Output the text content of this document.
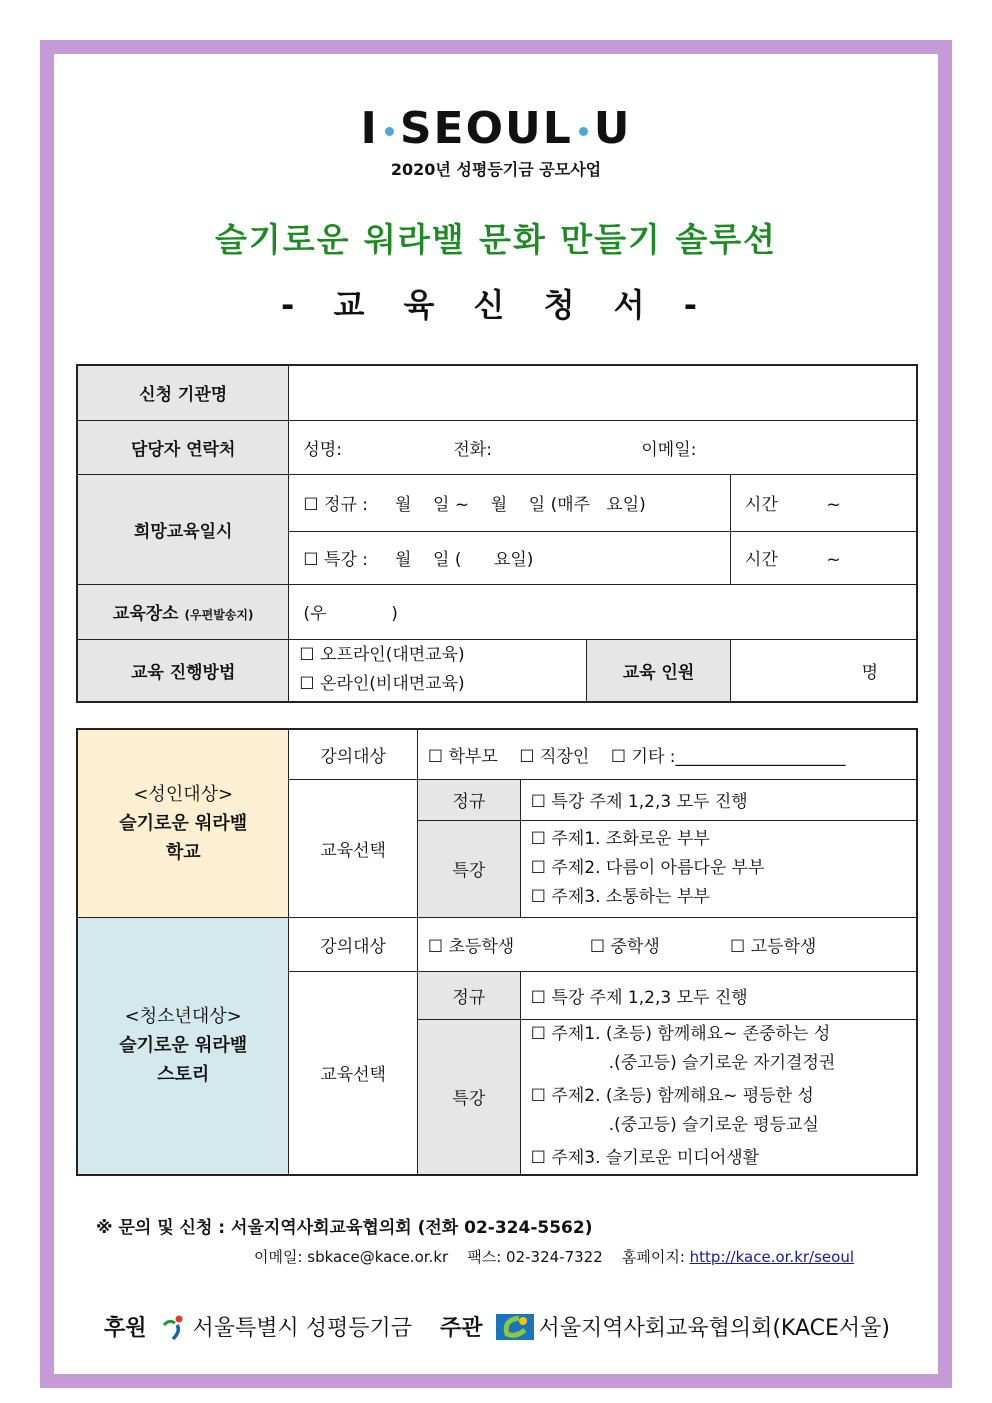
I SEOUL U
2020년 성평등기금 공모사업
슬기로운 워라밸 문화 만들기 솔루션
- 교 육 신 청 서 -
신청 기관명			
담당자 연락처	성명: 전화: 이메일:		
희망교육일시	☐ 정규 :     월    일 ~    월    일 (매주   요일)		시간         ~
	☐ 특강 :     월    일 (      요일)		시간         ~
교육장소 (우편발송지)	(우            )		
교육 진행방법	☐ 오프라인(대면교육)
☐ 온라인(비대면교육)	교육 인원	명
<성인대상>
슬기로운 워라밸
학교	강의대상	☐ 학부모    ☐ 직장인    ☐ 기타 :____________________	
	교육선택	정규	☐ 특강 주제 1,2,3 모두 진행
		특강	☐ 주제1. 조화로운 부부
☐ 주제2. 다름이 아름다운 부부
☐ 주제3. 소통하는 부부

<청소년대상>
슬기로운 워라밸
스토리	강의대상	☐ 초등학생              ☐ 중학생             ☐ 고등학생	
	교육선택	정규	☐ 특강 주제 1,2,3 모두 진행
		특강	☐ 주제1. (초등) 함께해요~ 존중하는 성
.(중고등) 슬기로운 자기결정권
☐ 주제2. (초등) 함께해요~ 평등한 성
.(중고등) 슬기로운 평등교실
☐ 주제3. 슬기로운 미디어생활
※ 문의 및 신청 : 서울지역사회교육협의회 (전화 02-324-5562)
이메일: sbkace@kace.or.kr 팩스: 02-324-7322 홈페이지: http://kace.or.kr/seoul
후원 서울특별시 성평등기금 주관	서울지역사회교육협의회(KACE서울)
